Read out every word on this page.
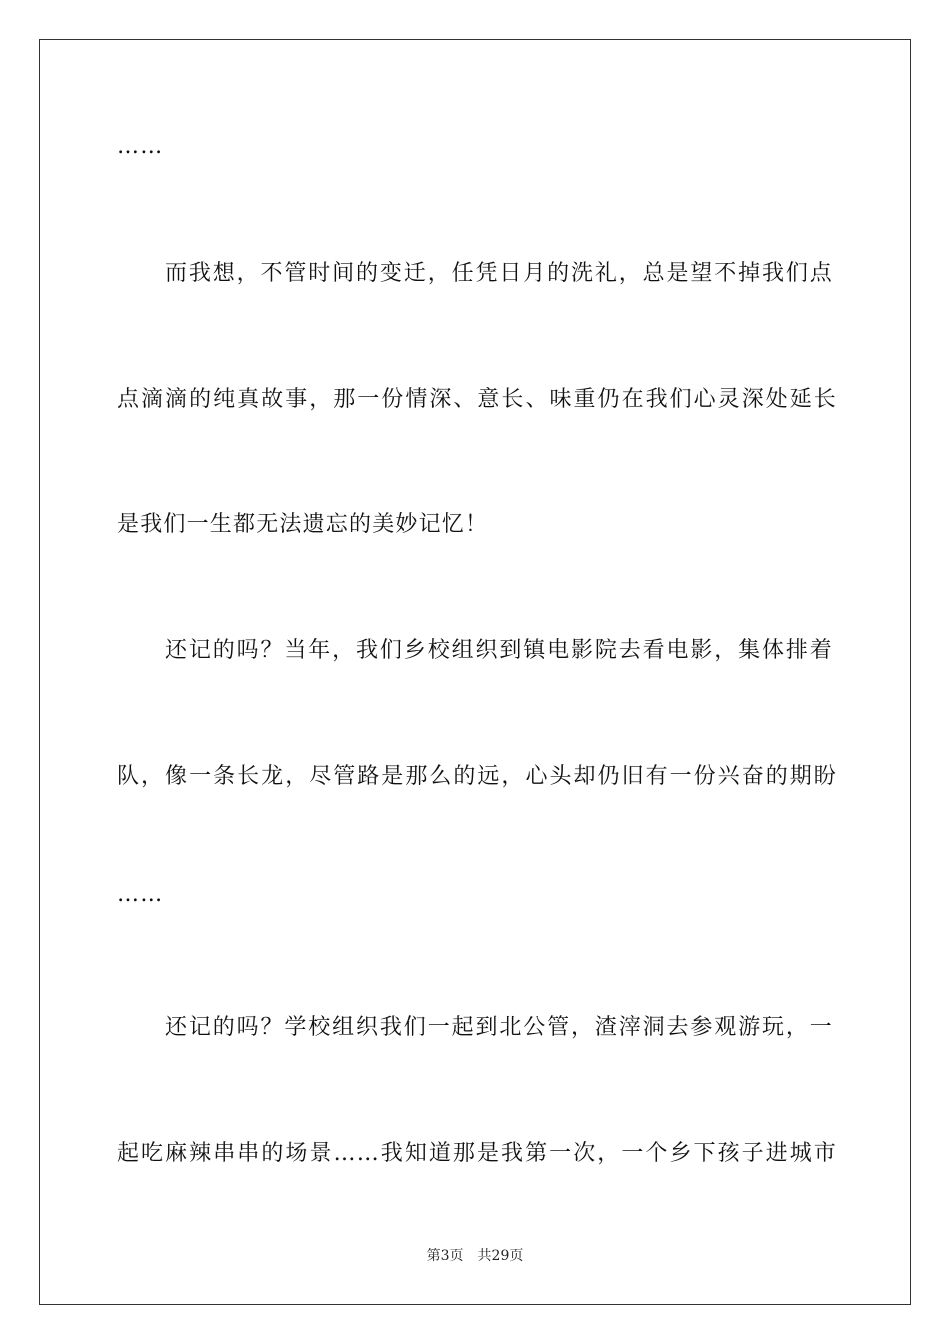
……
而我想，不管时间的变迁，任凭日月的洗礼，总是望不掉我们点
点滴滴的纯真故事，那一份情深、意长、味重仍在我们心灵深处延长
是我们一生都无法遗忘的美妙记忆！
还记的吗？当年，我们乡校组织到镇电影院去看电影，集体排着
队，像一条长龙，尽管路是那么的远，心头却仍旧有一份兴奋的期盼
……
还记的吗？学校组织我们一起到北公管，渣滓洞去参观游玩，一
起吃麻辣串串的场景……我知道那是我第一次，一个乡下孩子进城市
第3页 共29页
